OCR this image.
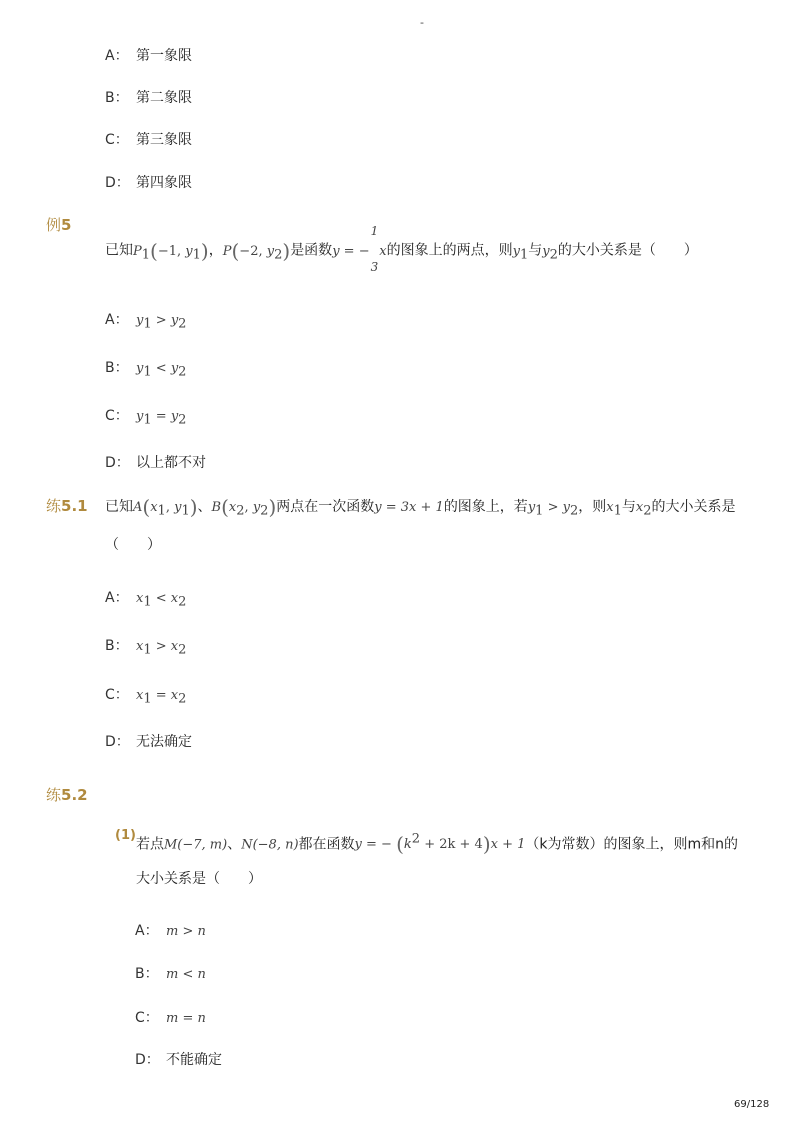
-
A： 第一象限
B： 第二象限
C： 第三象限
D： 第四象限
例5
已知$P_1(-1$, $y_1$)，P(−2, $y_2$)是函数y = −
1
3
x的图象上的两点，则$y_1$与$y_2$的大小关系是（　　）
A： $y_1 > y_2$
B： $y_1 < y_2$
C： $y_1 = y_2$
D： 以上都不对
练5.1 已知$A(x_1$, $y_1$)、$B(x_2$, $y_2$)两点在一次函数y = 3x + 1的图象上，若$y_1 > y_2$，则$x_1$与$x_2$的大小关系是
（　　）
A： $x_1 < x_2$
B： $x_1 > x_2$
C： $x_1 = x_2$
D： 无法确定
练5.2
(1)
若点M(−7, m)、N(−8, n)都在函数y = − $(k^2 + 2k + 4)x + 1(k$为常数）的图象上，则m和n的
大小关系是（　　）
A： m > n
B： m < n
C： m = n
D： 不能确定
69/128
